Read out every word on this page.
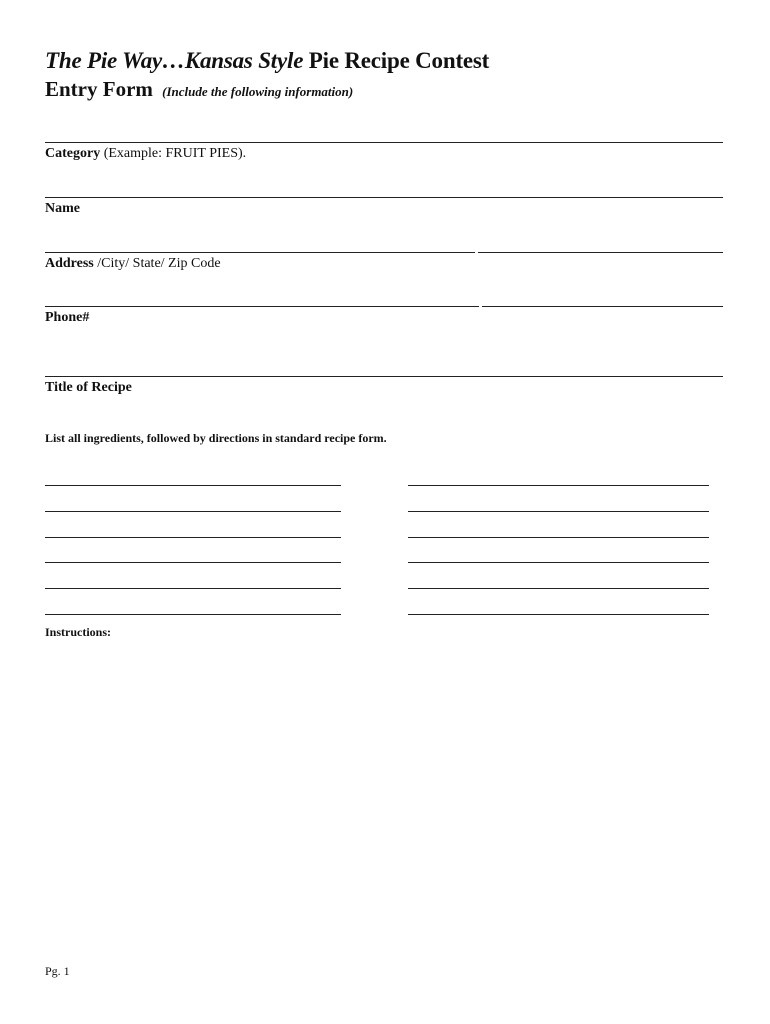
The Pie Way…Kansas Style Pie Recipe Contest
Entry Form (Include the following information)
Category (Example: FRUIT PIES).
Name
Address /City/ State/ Zip Code
Phone#
Title of Recipe
List all ingredients, followed by directions in standard recipe form.
Instructions:
Pg. 1
